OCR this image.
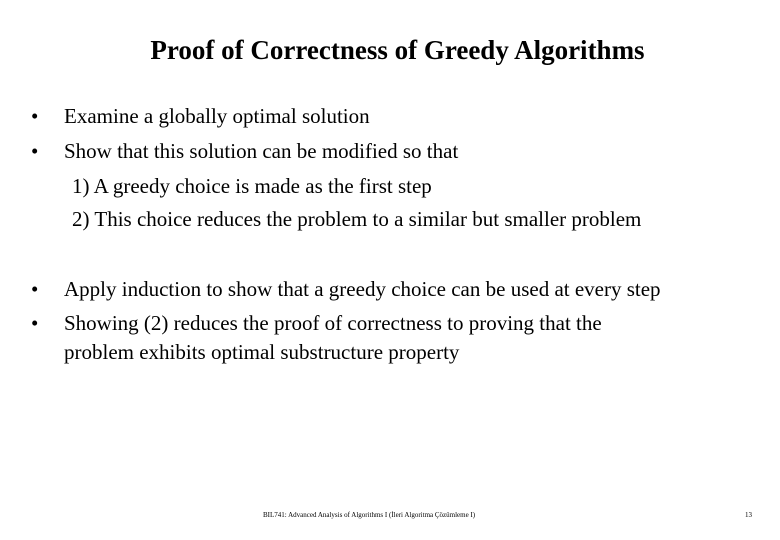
Proof of Correctness of Greedy Algorithms
• Examine a globally optimal solution
• Show that this solution can be modified so that
1) A greedy choice is made as the first step
2) This choice reduces the problem to a similar but smaller problem
• Apply induction to show that a greedy choice can be used at every step
• Showing (2) reduces the proof of correctness to proving that the
problem exhibits optimal substructure property
BIL741: Advanced Analysis of Algorithms I (İleri Algoritma Çözümleme I)	13
